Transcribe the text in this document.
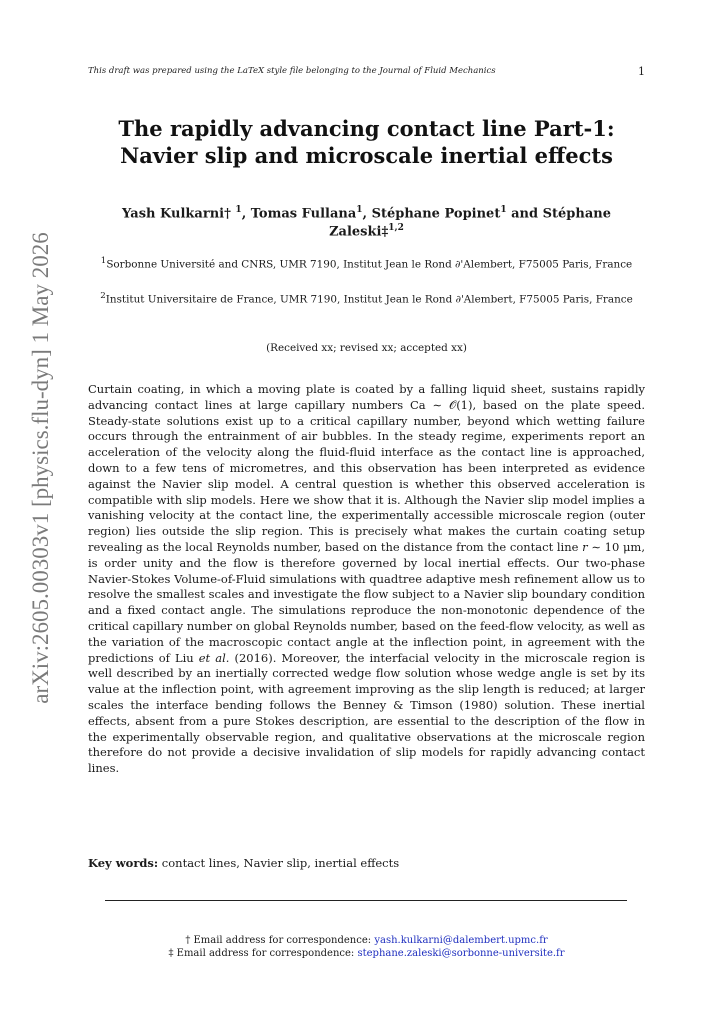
This draft was prepared using the LaTeX style file belonging to the Journal of Fluid Mechanics	1
arXiv:2605.00303v1 [physics.flu-dyn] 1 May 2026
The rapidly advancing contact line Part-1:
Navier slip and microscale inertial effects
Yash Kulkarni† $^1$, Tomas Fullana$^1$, Stéphane Popinet$^1$ and Stéphane Zaleski‡$^{1,2}$
$^1$Sorbonne Université and CNRS, UMR 7190, Institut Jean le Rond ∂'Alembert, F75005 Paris, France
$^2$Institut Universitaire de France, UMR 7190, Institut Jean le Rond ∂'Alembert, F75005 Paris, France
(Received xx; revised xx; accepted xx)

Curtain coating, in which a moving plate is coated by a falling liquid sheet, sustains rapidly advancing contact lines at large capillary numbers Ca ∼ 𝒪(1), based on the plate speed. Steady-state solutions exist up to a critical capillary number, beyond which wetting failure occurs through the entrainment of air bubbles. In the steady regime, experiments report an acceleration of the velocity along the fluid-fluid interface as the contact line is approached, down to a few tens of micrometres, and this observation has been interpreted as evidence against the Navier slip model. A central question is whether this observed acceleration is compatible with slip models. Here we show that it is. Although the Navier slip model implies a vanishing velocity at the contact line, the experimentally accessible microscale region (outer region) lies outside the slip region. This is precisely what makes the curtain coating setup revealing as the local Reynolds number, based on the distance from the contact line r ∼ 10 μm, is order unity and the flow is therefore governed by local inertial effects. Our two-phase Navier-Stokes Volume-of-Fluid simulations with quadtree adaptive mesh refinement allow us to resolve the smallest scales and investigate the flow subject to a Navier slip boundary condition and a fixed contact angle. The simulations reproduce the non-monotonic dependence of the critical capillary number on global Reynolds number, based on the feed-flow velocity, as well as the variation of the macroscopic contact angle at the inflection point, in agreement with the predictions of Liu et al. (2016). Moreover, the interfacial velocity in the microscale region is well described by an inertially corrected wedge flow solution whose wedge angle is set by its value at the inflection point, with agreement improving as the slip length is reduced; at larger scales the interface bending follows the Benney & Timson (1980) solution. These inertial effects, absent from a pure Stokes description, are essential to the description of the flow in the experimentally observable region, and qualitative observations at the microscale region therefore do not provide a decisive invalidation of slip models for rapidly advancing contact lines.

Key words: contact lines, Navier slip, inertial effects
† Email address for correspondence: yash.kulkarni@dalembert.upmc.fr
‡ Email address for correspondence: stephane.zaleski@sorbonne-universite.fr
